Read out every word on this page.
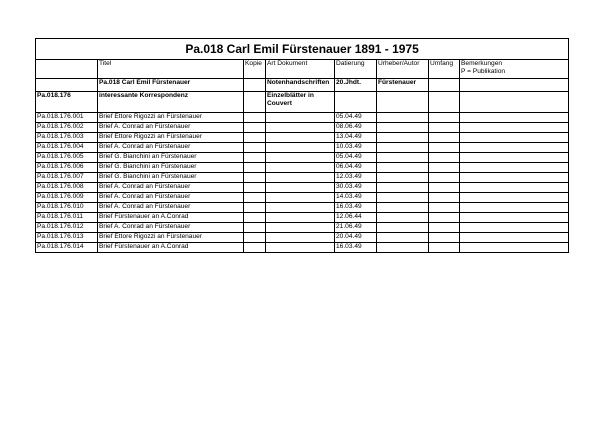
Pa.018 Carl Emil Fürstenauer 1891 - 1975							
	Titel	Kopie	Art Dokument	Datierung	Urheber/Autor	Umfang	Bemerkungen
P = Publikation
	Pa.018 Carl Emil Fürstenauer		Notenhandschriften	20.Jhdt.	Fürstenauer		
Pa.018.176	interessante Korrespondenz		Einzelblätter in Couvert				
Pa.018.176.001	Brief Ettore Rigozzi an Fürstenauer			05.04.49			
Pa.018.176.002	Brief A. Conrad an Fürstenauer			08.06.49			
Pa.018.176.003	Brief Ettore Rigozzi an Fürstenauer			13.04.49			
Pa.018.176.004	Brief A. Conrad an Fürstenauer			10.03.49			
Pa.018.176.005	Brief G. Bianchini an Fürstenauer			05.04.49			
Pa.018.176.006	Brief G. Bianchini an Fürstenauer			06.04.49			
Pa.018.176.007	Brief G. Bianchini an Fürstenauer			12.03.49			
Pa.018.176.008	Brief A. Conrad an Fürstenauer			30.03.49			
Pa.018.176.009	Brief A. Conrad an Fürstenauer			14.03.49			
Pa.018.176.010	Brief A. Conrad an Fürstenauer			16.03.49			
Pa.018.176.011	Brief Fürstenauer an A.Conrad			12.06.44			
Pa.018.176.012	Brief A. Conrad an Fürstenauer			21.06.49			
Pa.018.176.013	Brief Ettore Rigozzi an Fürstenauer			20.04.49			
Pa.018.176.014	Brief Fürstenauer an A.Conrad			16.03.49			
